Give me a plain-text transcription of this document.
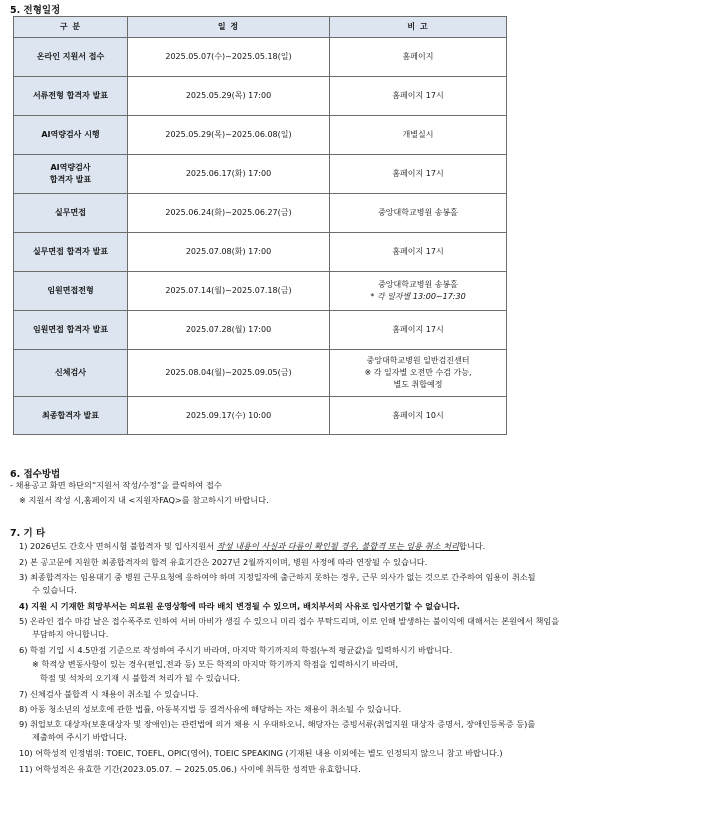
5. 전형일정
구 분	일 정	비 고

온라인 지원서 접수	2025.05.07(수)~2025.05.18(일)	홈페이지

서류전형 합격자 발표	2025.05.29(목) 17:00	홈페이지 17시

AI역량검사 시행	2025.05.29(목)~2025.06.08(일)	개별실시

AI역량검사
합격자 발표	2025.06.17(화) 17:00	홈페이지 17시

실무면접	2025.06.24(화)~2025.06.27(금)	중앙대학교병원 송봉홀

실무면접 합격자 발표	2025.07.08(화) 17:00	홈페이지 17시

임원면접전형	2025.07.14(월)~2025.07.18(금)	중앙대학교병원 송봉홀
* 각 일자별 13:00~17:30

임원면접 합격자 발표	2025.07.28(월) 17:00	홈페이지 17시

신체검사	2025.08.04(월)~2025.09.05(금)	중앙대학교병원 일반검진센터
※ 각 일자별 오전만 수검 가능,
별도 취합예정

최종합격자 발표	2025.09.17(수) 10:00	홈페이지 10시
6. 접수방법
- 채용공고 화면 하단의“지원서 작성/수정”을 클릭하여 접수
※ 지원서 작성 시,홈페이지 내 <지원자FAQ>를 참고하시기 바랍니다.
7. 기 타
1) 2026년도 간호사 면허시험 불합격자 및 입사지원서 작성 내용이 사실과 다름이 확인될 경우, 불합격 또는 임용 취소 처리합니다.
2) 본 공고문에 지원한 최종합격자의 합격 유효기간은 2027년 2월까지이며, 병원 사정에 따라 연장될 수 있습니다.
3) 최종합격자는 임용대기 중 병원 근무요청에 응하여야 하며 지정일자에 출근하지 못하는 경우, 근무 의사가 없는 것으로 간주하여 임용이 취소될
수 있습니다.
4) 지원 시 기재한 희망부서는 의료원 운영상황에 따라 배치 변경될 수 있으며, 배치부서의 사유로 입사연기할 수 없습니다.
5) 온라인 접수 마감 날은 접수폭주로 인하여 서버 마비가 생길 수 있으니 미리 접수 부탁드리며, 이로 인해 발생하는 불이익에 대해서는 본원에서 책임을
부담하지 아니합니다.
6) 학점 기입 시 4.5만점 기준으로 작성하여 주시기 바라며, 마지막 학기까지의 학점(누적 평균값)을 입력하시기 바랍니다.
※ 학적상 변동사항이 있는 경우(편입,전과 등) 모든 학적의 마지막 학기까지 학점을 입력하시기 바라며,
학점 및 석차의 오기재 시 불합격 처리가 될 수 있습니다.
7) 신체검사 불합격 시 채용이 취소될 수 있습니다.
8) 아동 청소년의 성보호에 관한 법률, 아동복지법 등 결격사유에 해당하는 자는 채용이 취소될 수 있습니다.
9) 취업보호 대상자(보훈대상자 및 장애인)는 관련법에 의거 채용 시 우대하오니, 해당자는 증빙서류(취업지원 대상자 증명서, 장애인등록증 등)를
제출하여 주시기 바랍니다.
10) 어학성적 인정범위: TOEIC, TOEFL, OPIC(영어), TOEIC SPEAKING (기재된 내용 이외에는 별도 인정되지 않으니 참고 바랍니다.)
11) 어학성적은 유효한 기간(2023.05.07. ~ 2025.05.06.) 사이에 취득한 성적만 유효합니다.
